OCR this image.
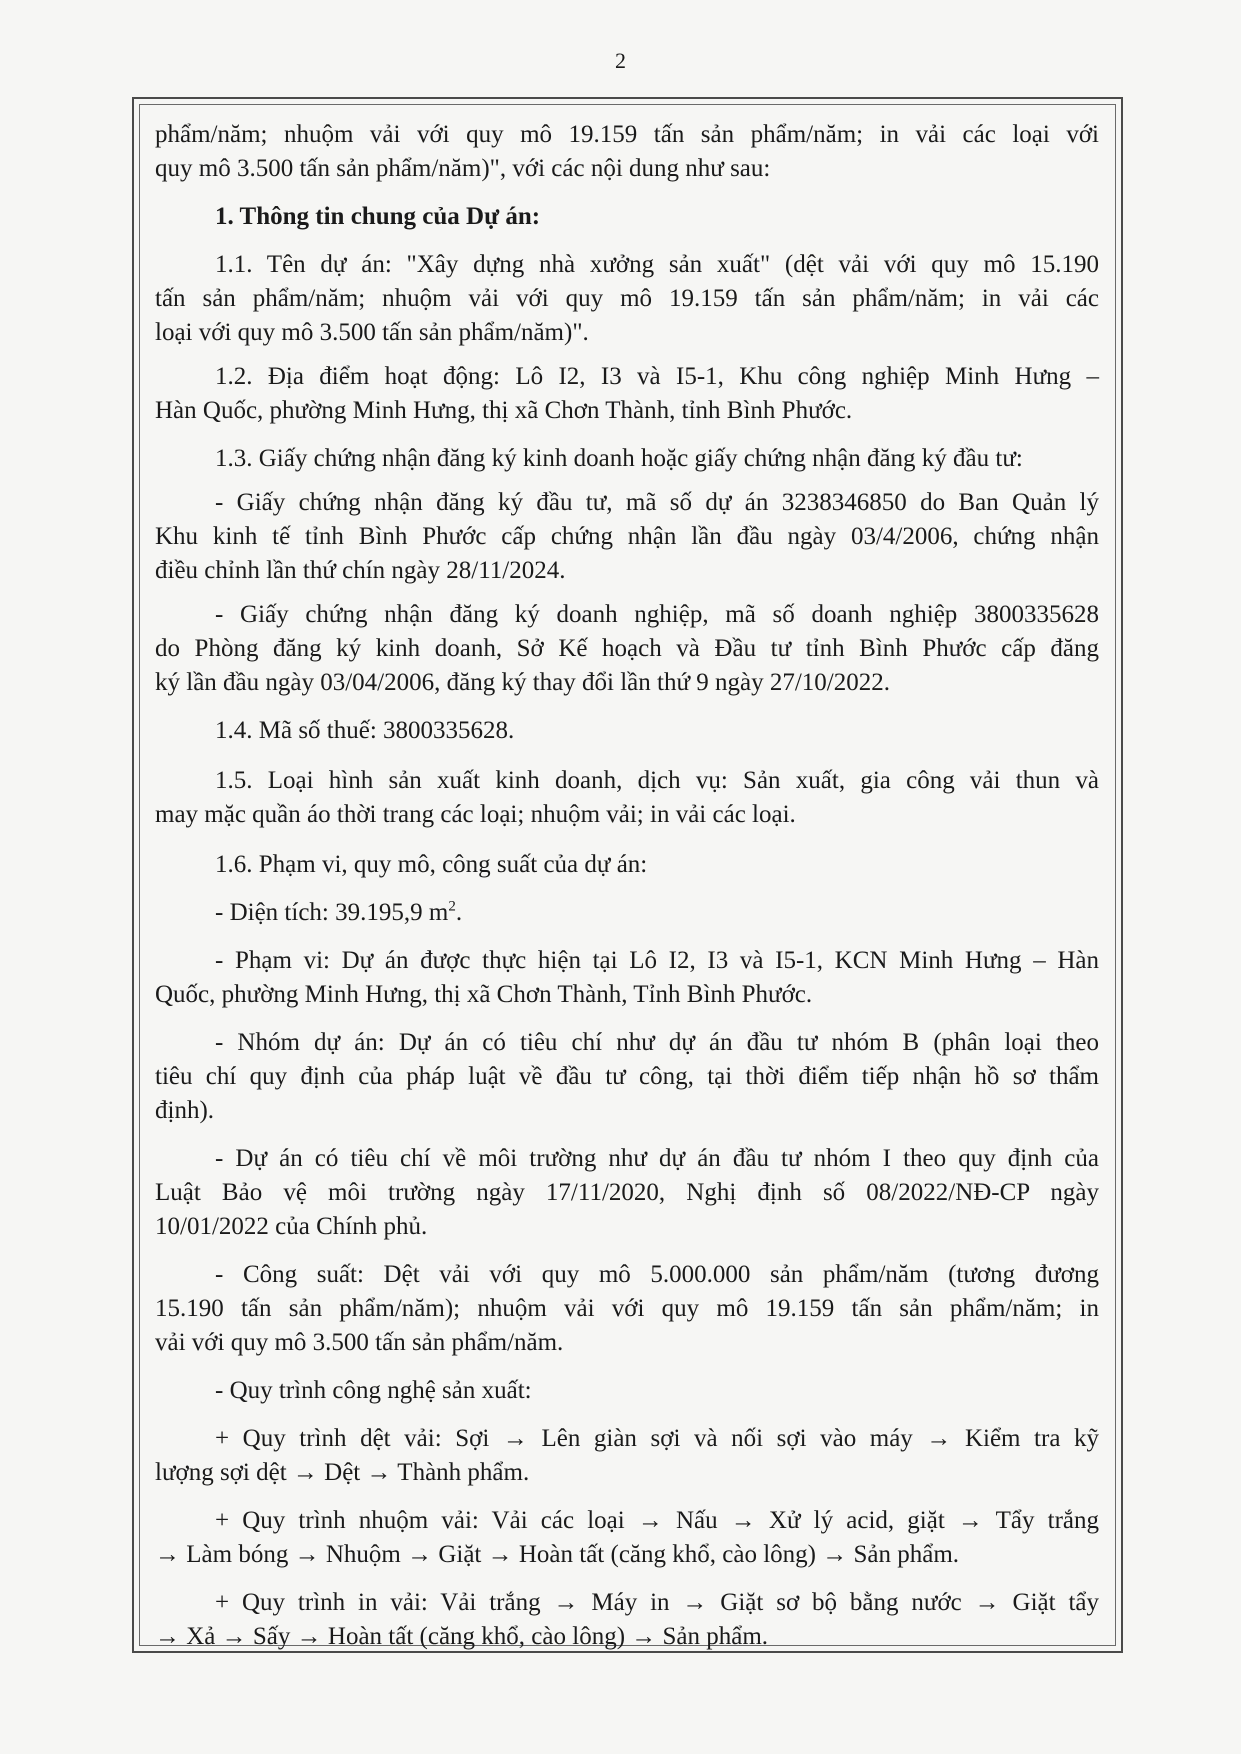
2
phẩm/năm; nhuộm vải với quy mô 19.159 tấn sản phẩm/năm; in vải các loại với
quy mô 3.500 tấn sản phẩm/năm)", với các nội dung như sau:
1. Thông tin chung của Dự án:
1.1. Tên dự án: "Xây dựng nhà xưởng sản xuất" (dệt vải với quy mô 15.190
tấn sản phẩm/năm; nhuộm vải với quy mô 19.159 tấn sản phẩm/năm; in vải các
loại với quy mô 3.500 tấn sản phẩm/năm)".
1.2. Địa điểm hoạt động: Lô I2, I3 và I5-1, Khu công nghiệp Minh Hưng –
Hàn Quốc, phường Minh Hưng, thị xã Chơn Thành, tỉnh Bình Phước.
1.3. Giấy chứng nhận đăng ký kinh doanh hoặc giấy chứng nhận đăng ký đầu tư:
- Giấy chứng nhận đăng ký đầu tư, mã số dự án 3238346850 do Ban Quản lý
Khu kinh tế tỉnh Bình Phước cấp chứng nhận lần đầu ngày 03/4/2006, chứng nhận
điều chỉnh lần thứ chín ngày 28/11/2024.
- Giấy chứng nhận đăng ký doanh nghiệp, mã số doanh nghiệp 3800335628
do Phòng đăng ký kinh doanh, Sở Kế hoạch và Đầu tư tỉnh Bình Phước cấp đăng
ký lần đầu ngày 03/04/2006, đăng ký thay đổi lần thứ 9 ngày 27/10/2022.
1.4. Mã số thuế: 3800335628.
1.5. Loại hình sản xuất kinh doanh, dịch vụ: Sản xuất, gia công vải thun và
may mặc quần áo thời trang các loại; nhuộm vải; in vải các loại.
1.6. Phạm vi, quy mô, công suất của dự án:
- Diện tích: 39.195,9 $m^2$.
- Phạm vi: Dự án được thực hiện tại Lô I2, I3 và I5-1, KCN Minh Hưng – Hàn
Quốc, phường Minh Hưng, thị xã Chơn Thành, Tỉnh Bình Phước.
- Nhóm dự án: Dự án có tiêu chí như dự án đầu tư nhóm B (phân loại theo
tiêu chí quy định của pháp luật về đầu tư công, tại thời điểm tiếp nhận hồ sơ thẩm
định).
- Dự án có tiêu chí về môi trường như dự án đầu tư nhóm I theo quy định của
Luật Bảo vệ môi trường ngày 17/11/2020, Nghị định số 08/2022/NĐ-CP ngày
10/01/2022 của Chính phủ.
- Công suất: Dệt vải với quy mô 5.000.000 sản phẩm/năm (tương đương
15.190 tấn sản phẩm/năm); nhuộm vải với quy mô 19.159 tấn sản phẩm/năm; in
vải với quy mô 3.500 tấn sản phẩm/năm.
- Quy trình công nghệ sản xuất:
+ Quy trình dệt vải: Sợi → Lên giàn sợi và nối sợi vào máy → Kiểm tra kỹ
lượng sợi dệt → Dệt → Thành phẩm.
+ Quy trình nhuộm vải: Vải các loại → Nấu → Xử lý acid, giặt → Tẩy trắng
→ Làm bóng → Nhuộm → Giặt → Hoàn tất (căng khổ, cào lông) → Sản phẩm.
+ Quy trình in vải: Vải trắng → Máy in → Giặt sơ bộ bằng nước → Giặt tẩy
→ Xả → Sấy → Hoàn tất (căng khổ, cào lông) → Sản phẩm.
